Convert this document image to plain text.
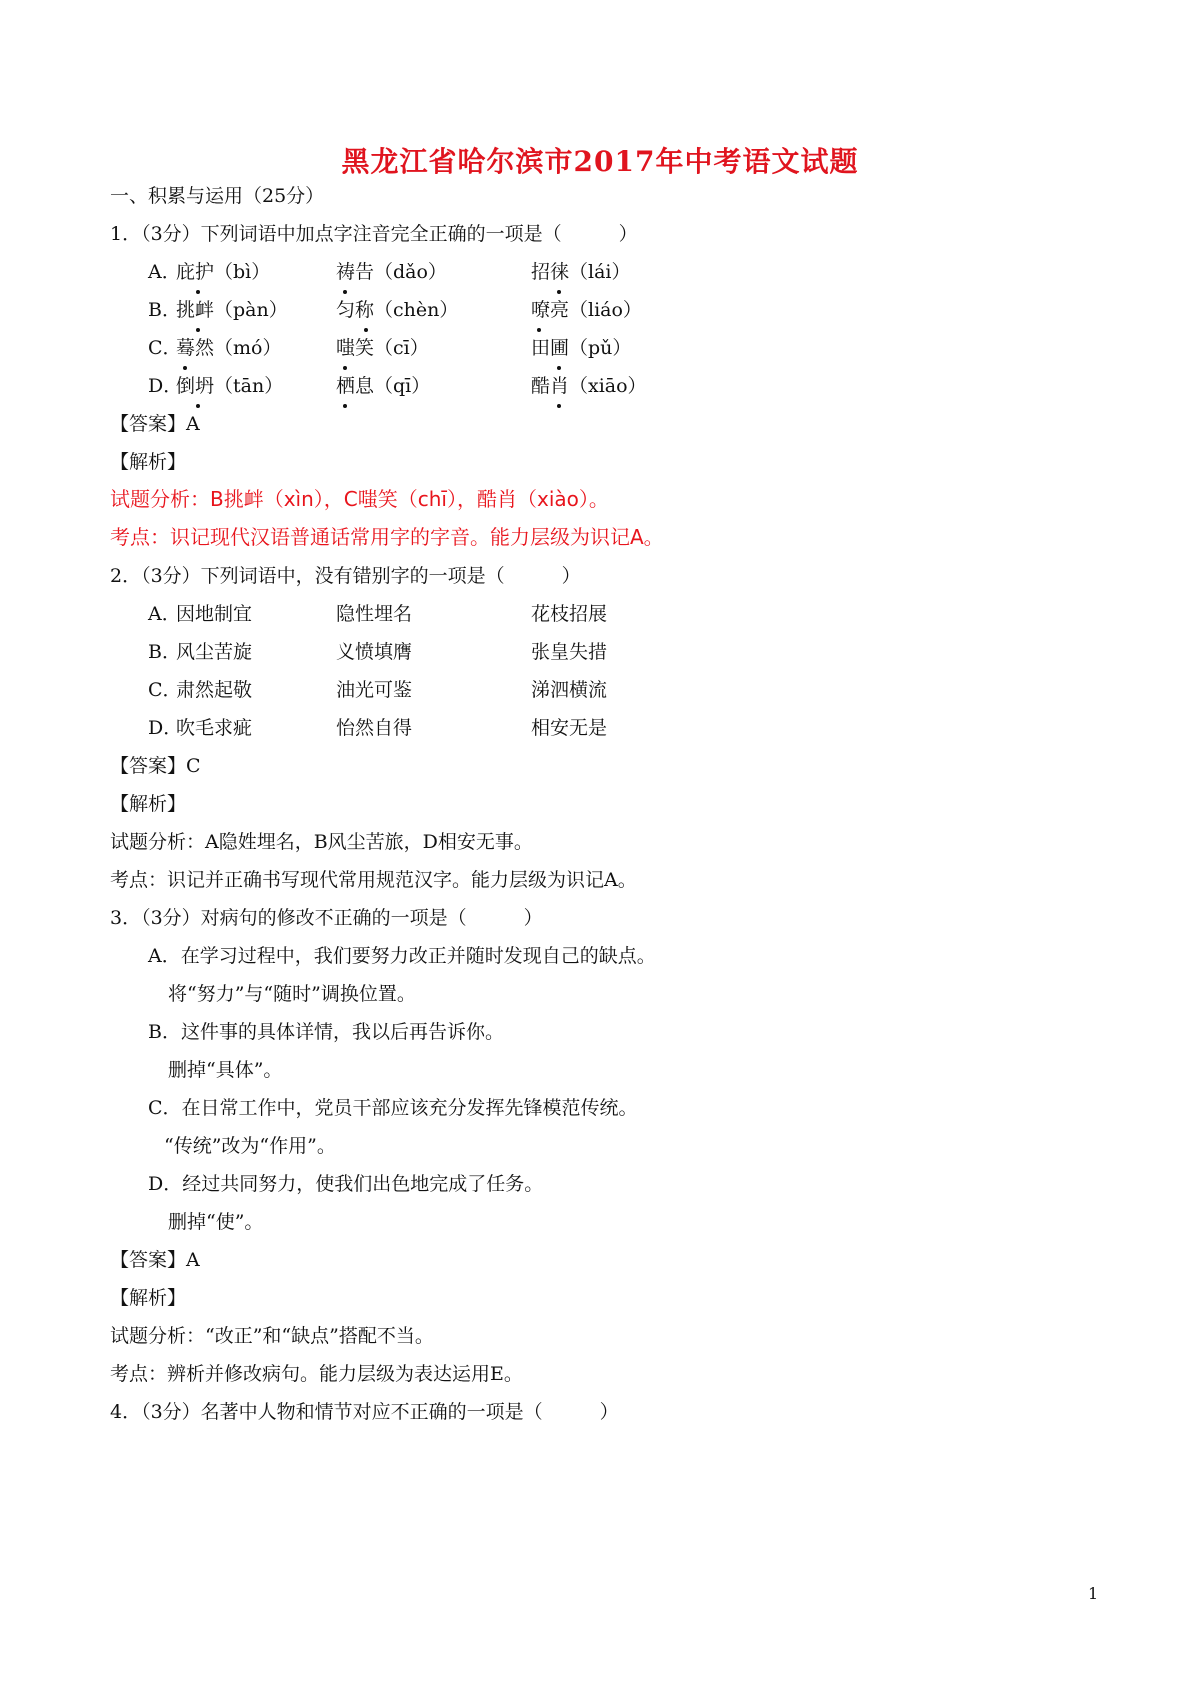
黑龙江省哈尔滨市2017年中考语文试题
一、积累与运用（25分）
1．（3分）下列词语中加点字注音完全正确的一项是（　　　）
A．
庇护（bì）	祷告（dǎo）	招徕（lái）
B．
挑衅（pàn）	匀称（chèn）	嘹亮（liáo）
C．
蓦然（mó）	嗤笑（cī）	田圃（pǔ）
D．
倒坍（tān）	栖息（qī）	酷肖（xiāo）
【答案】A
【解析】
试题分析：B挑衅（xìn），C嗤笑（chī），酷肖（xiào）。
考点：识记现代汉语普通话常用字的字音。能力层级为识记A。
2．（3分）下列词语中，没有错别字的一项是（　　　）
A．
因地制宜	隐性埋名	花枝招展
B．
风尘苦旋	义愤填膺	张皇失措
C．
肃然起敬	油光可鉴	涕泗横流
D．
吹毛求疵	怡然自得	相安无是
【答案】C
【解析】
试题分析：A隐姓埋名，B风尘苦旅，D相安无事。
考点：识记并正确书写现代常用规范汉字。能力层级为识记A。
3．（3分）对病句的修改不正确的一项是（　　　）
A．在学习过程中，我们要努力改正并随时发现自己的缺点。
将“努力”与“随时”调换位置。
B．这件事的具体详情，我以后再告诉你。
删掉“具体”。
C．在日常工作中，党员干部应该充分发挥先锋模范传统。
“传统”改为“作用”。
D．经过共同努力，使我们出色地完成了任务。
删掉“使”。
【答案】A
【解析】
试题分析：“改正”和“缺点”搭配不当。
考点：辨析并修改病句。能力层级为表达运用E。
4．（3分）名著中人物和情节对应不正确的一项是（　　　）
1
